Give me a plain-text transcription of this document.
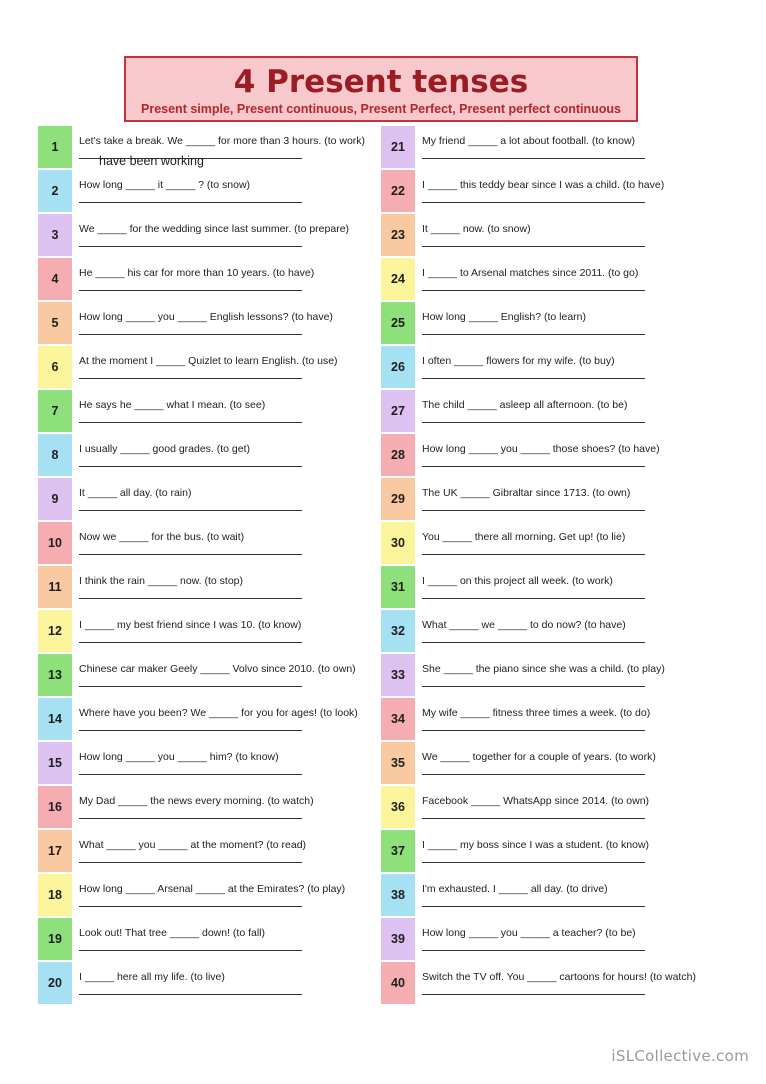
4 Present tenses
Present simple, Present continuous, Present Perfect, Present perfect continuous
1	Let's take a break. We _____ for more than 3 hours. (to work)
have been working
2	How long _____ it _____ ? (to snow)
3	We _____ for the wedding since last summer. (to prepare)
4	He _____ his car for more than 10 years. (to have)
5	How long _____ you _____ English lessons? (to have)
6	At the moment I _____ Quizlet to learn English. (to use)
7	He says he _____ what I mean. (to see)
8	I usually _____ good grades. (to get)
9	It _____ all day. (to rain)
10	Now we _____ for the bus. (to wait)
11	I think the rain _____ now. (to stop)
12	I _____ my best friend since I was 10. (to know)
13	Chinese car maker Geely _____ Volvo since 2010. (to own)
14	Where have you been? We _____ for you for ages! (to look)
15	How long _____ you _____ him? (to know)
16	My Dad _____ the news every morning. (to watch)
17	What _____ you _____ at the moment? (to read)
18	How long _____ Arsenal _____ at the Emirates? (to play)
19	Look out! That tree _____ down! (to fall)
20	I _____ here all my life. (to live)
21	My friend _____ a lot about football. (to know)
22	I _____ this teddy bear since I was a child. (to have)
23	It _____ now. (to snow)
24	I _____ to Arsenal matches since 2011. (to go)
25	How long _____ English? (to learn)
26	I often _____ flowers for my wife. (to buy)
27	The child _____ asleep all afternoon. (to be)
28	How long _____ you _____ those shoes? (to have)
29	The UK _____ Gibraltar since 1713. (to own)
30	You _____ there all morning. Get up! (to lie)
31	I _____ on this project all week. (to work)
32	What _____ we _____ to do now? (to have)
33	She _____ the piano since she was a child. (to play)
34	My wife _____ fitness three times a week. (to do)
35	We _____ together for a couple of years. (to work)
36	Facebook _____ WhatsApp since 2014. (to own)
37	I _____ my boss since I was a student. (to know)
38	I'm exhausted. I _____ all day. (to drive)
39	How long _____ you _____ a teacher? (to be)
40	Switch the TV off. You _____ cartoons for hours! (to watch)
iSLCollective.com
